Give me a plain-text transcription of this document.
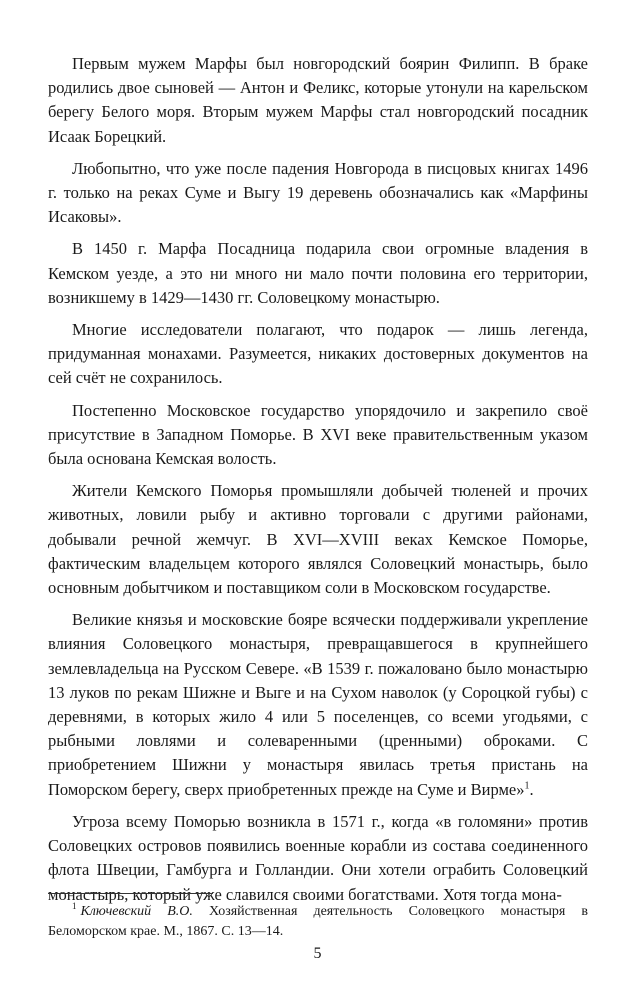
Первым мужем Марфы был новгородский боярин Филипп. В браке родились двое сыновей — Антон и Феликс, которые утонули на карельском берегу Белого моря. Вторым мужем Марфы стал новгородский посадник Исаак Борецкий.

Любопытно, что уже после падения Новгорода в писцовых книгах 1496 г. только на реках Суме и Выгу 19 деревень обозначались как «Марфины Исаковы».

В 1450 г. Марфа Посадница подарила свои огромные владения в Кемском уезде, а это ни много ни мало почти половина его территории, возникшему в 1429—1430 гг. Соловецкому монастырю.

Многие исследователи полагают, что подарок — лишь легенда, придуманная монахами. Разумеется, никаких достоверных документов на сей счёт не сохранилось.

Постепенно Московское государство упорядочило и закрепило своё присутствие в Западном Поморье. В XVI веке правительственным указом была основана Кемская волость.

Жители Кемского Поморья промышляли добычей тюленей и прочих животных, ловили рыбу и активно торговали с другими районами, добывали речной жемчуг. В XVI—XVIII веках Кемское Поморье, фактическим владельцем которого являлся Соловецкий монастырь, было основным добытчиком и поставщиком соли в Московском государстве.

Великие князья и московские бояре всячески поддерживали укрепление влияния Соловецкого монастыря, превращавшегося в крупнейшего землевладельца на Русском Севере. «В 1539 г. пожаловано было монастырю 13 луков по рекам Шижне и Выге и на Сухом наволок (у Сороцкой губы) с деревнями, в которых жило 4 или 5 поселенцев, со всеми угодьями, с рыбными ловлями и солеваренными (цренными) оброками. С приобретением Шижни у монастыря явилась третья пристань на Поморском берегу, сверх приобретенных прежде на Суме и Вирме»$^1$.

Угроза всему Поморью возникла в 1571 г., когда «в голомяни» против Соловецких островов появились военные корабли из состава соединенного флота Швеции, Гамбурга и Голландии. Они хотели ограбить Соловецкий монастырь, который уже славился своими богатствами. Хотя тогда мона-

$^1$ Ключевский В.О. Хозяйственная деятельность Соловецкого монастыря в Беломорском крае. М., 1867. С. 13—14.

5
